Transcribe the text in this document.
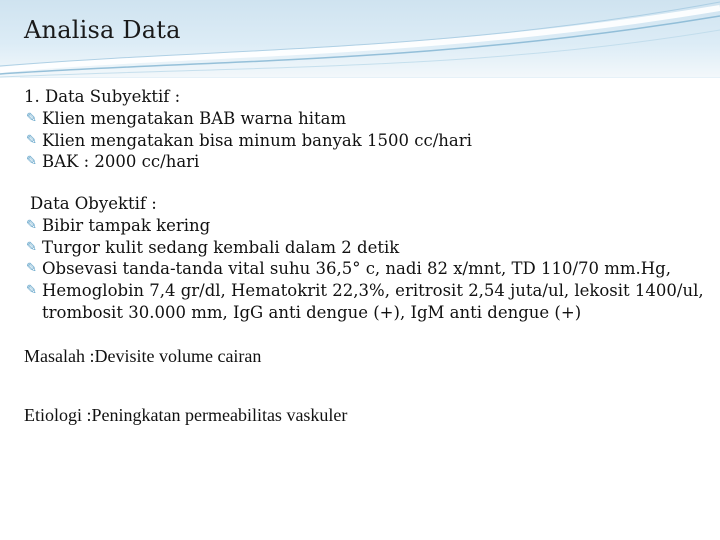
Analisa Data
1. Data Subyektif :
✎ Klien mengatakan BAB warna hitam
✎ Klien mengatakan bisa minum banyak 1500 cc/hari
✎ BAK : 2000 cc/hari
Data Obyektif :
✎ Bibir tampak kering
✎ Turgor kulit sedang kembali dalam 2 detik
✎ Obsevasi tanda-tanda vital suhu 36,5° c, nadi 82 x/mnt, TD 110/70 mm.Hg,
✎ Hemoglobin 7,4 gr/dl, Hematokrit 22,3%, eritrosit 2,54 juta/ul, lekosit 1400/ul, trombosit 30.000 mm, IgG anti dengue (+), IgM anti dengue (+)
Masalah :Devisite volume cairan
Etiologi :Peningkatan permeabilitas vaskuler
